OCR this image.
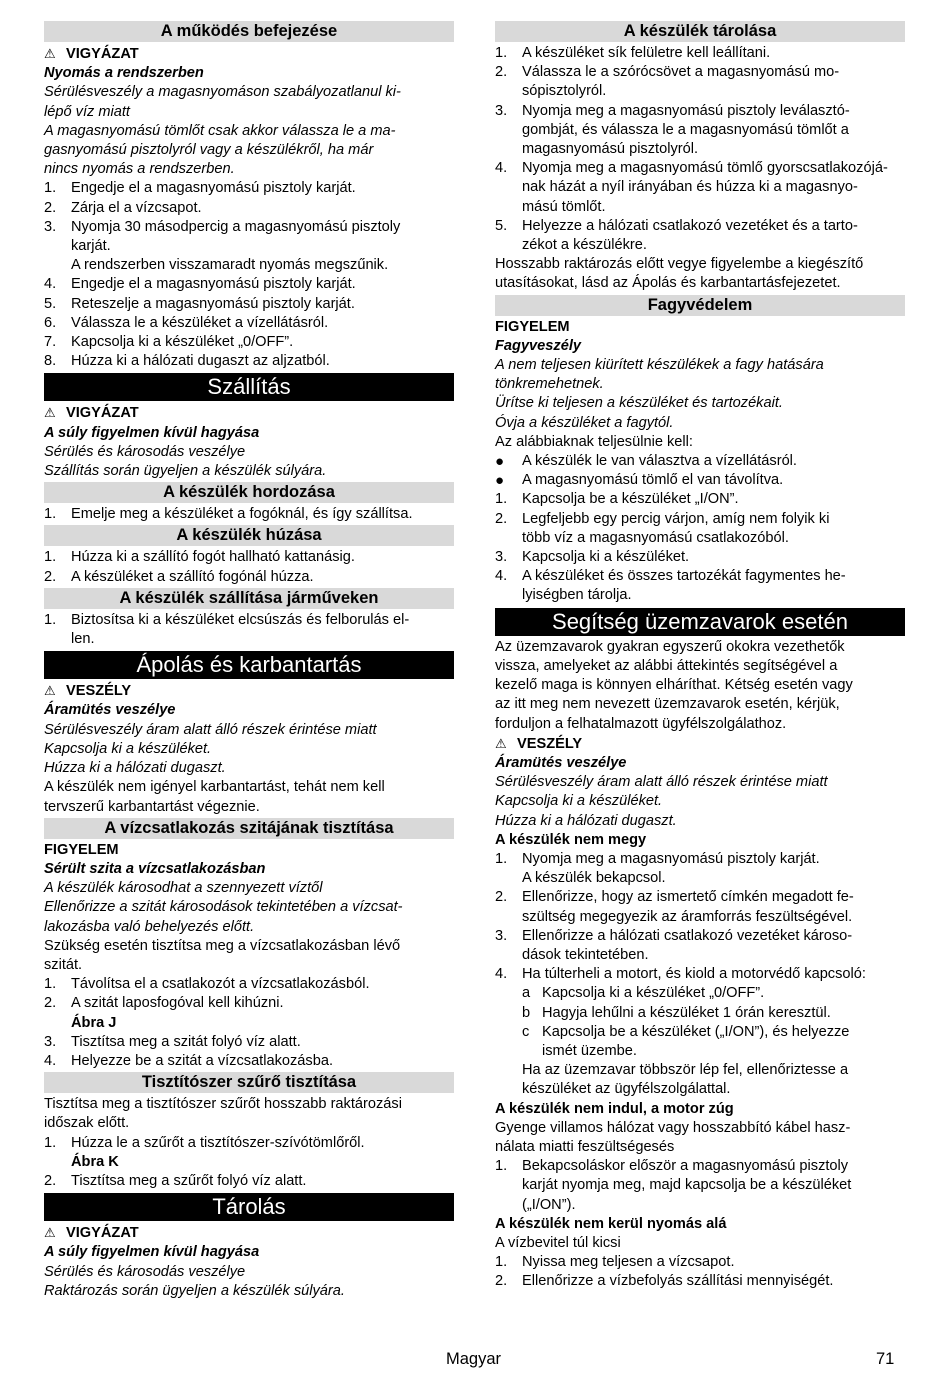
A működés befejezése
⚠ VIGYÁZAT
Nyomás a rendszerben
Sérülésveszély a magasnyomáson szabályozatlanul ki-
lépő víz miatt
A magasnyomású tömlőt csak akkor válassza le a ma-
gasnyomású pisztolyról vagy a készülékről, ha már
nincs nyomás a rendszerben.
1.	Engedje el a magasnyomású pisztoly karját.
2.	Zárja el a vízcsapot.
3.	Nyomja 30 másodpercig a magasnyomású pisztoly
karját.
A rendszerben visszamaradt nyomás megszűnik.
4.	Engedje el a magasnyomású pisztoly karját.
5.	Reteszelje a magasnyomású pisztoly karját.
6.	Válassza le a készüléket a vízellátásról.
7.	Kapcsolja ki a készüléket „0/OFF”.
8.	Húzza ki a hálózati dugaszt az aljzatból.
Szállítás
⚠ VIGYÁZAT
A súly figyelmen kívül hagyása
Sérülés és károsodás veszélye
Szállítás során ügyeljen a készülék súlyára.
A készülék hordozása
1.	Emelje meg a készüléket a fogóknál, és így szállítsa.
A készülék húzása
1.	Húzza ki a szállító fogót hallható kattanásig.
2.	A készüléket a szállító fogónál húzza.
A készülék szállítása járműveken
1.	Biztosítsa ki a készüléket elcsúszás és felborulás el-
len.
Ápolás és karbantartás
⚠ VESZÉLY
Áramütés veszélye
Sérülésveszély áram alatt álló részek érintése miatt
Kapcsolja ki a készüléket.
Húzza ki a hálózati dugaszt.
A készülék nem igényel karbantartást, tehát nem kell
tervszerű karbantartást végeznie.
A vízcsatlakozás szitájának tisztítása
FIGYELEM
Sérült szita a vízcsatlakozásban
A készülék károsodhat a szennyezett víztől
Ellenőrizze a szitát károsodások tekintetében a vízcsat-
lakozásba való behelyezés előtt.
Szükség esetén tisztítsa meg a vízcsatlakozásban lévő
szitát.
1.	Távolítsa el a csatlakozót a vízcsatlakozásból.
2.	A szitát laposfogóval kell kihúzni.
Ábra J
3.	Tisztítsa meg a szitát folyó víz alatt.
4.	Helyezze be a szitát a vízcsatlakozásba.
Tisztítószer szűrő tisztítása
Tisztítsa meg a tisztítószer szűrőt hosszabb raktározási
időszak előtt.
1.	Húzza le a szűrőt a tisztítószer-szívótömlőről.
Ábra K
2.	Tisztítsa meg a szűrőt folyó víz alatt.
Tárolás
⚠ VIGYÁZAT
A súly figyelmen kívül hagyása
Sérülés és károsodás veszélye
Raktározás során ügyeljen a készülék súlyára.
A készülék tárolása
1.	A készüléket sík felületre kell leállítani.
2.	Válassza le a szórócsövet a magasnyomású mo-
sópisztolyról.
3.	Nyomja meg a magasnyomású pisztoly leválasztó-
gombját, és válassza le a magasnyomású tömlőt a
magasnyomású pisztolyról.
4.	Nyomja meg a magasnyomású tömlő gyorscsatlakozójá-
nak házát a nyíl irányában és húzza ki a magasnyo-
mású tömlőt.
5.	Helyezze a hálózati csatlakozó vezetéket és a tarto-
zékot a készülékre.
Hosszabb raktározás előtt vegye figyelembe a kiegészítő
utasításokat, lásd az Ápolás és karbantartásfejezetet.
Fagyvédelem
FIGYELEM
Fagyveszély
A nem teljesen kiürített készülékek a fagy hatására
tönkremehetnek.
Ürítse ki teljesen a készüléket és tartozékait.
Óvja a készüléket a fagytól.
Az alábbiaknak teljesülnie kell:
●	A készülék le van választva a vízellátásról.
●	A magasnyomású tömlő el van távolítva.
1.	Kapcsolja be a készüléket „I/ON”.
2.	Legfeljebb egy percig várjon, amíg nem folyik ki
több víz a magasnyomású csatlakozóból.
3.	Kapcsolja ki a készüléket.
4.	A készüléket és összes tartozékát fagymentes he-
lyiségben tárolja.
Segítség üzemzavarok esetén
Az üzemzavarok gyakran egyszerű okokra vezethetők
vissza, amelyeket az alábbi áttekintés segítségével a
kezelő maga is könnyen elháríthat. Kétség esetén vagy
az itt meg nem nevezett üzemzavarok esetén, kérjük,
forduljon a felhatalmazott ügyfélszolgálathoz.
⚠ VESZÉLY
Áramütés veszélye
Sérülésveszély áram alatt álló részek érintése miatt
Kapcsolja ki a készüléket.
Húzza ki a hálózati dugaszt.
A készülék nem megy
1.	Nyomja meg a magasnyomású pisztoly karját.
A készülék bekapcsol.
2.	Ellenőrizze, hogy az ismertető címkén megadott fe-
szültség megegyezik az áramforrás feszültségével.
3.	Ellenőrizze a hálózati csatlakozó vezetéket károso-
dások tekintetében.
4.	Ha túlterheli a motort, és kiold a motorvédő kapcsoló:
a Kapcsolja ki a készüléket „0/OFF”.
b Hagyja lehűlni a készüléket 1 órán keresztül.
c Kapcsolja be a készüléket („I/ON”), és helyezze
ismét üzembe.
Ha az üzemzavar többször lép fel, ellenőriztesse a
készüléket az ügyfélszolgálattal.
A készülék nem indul, a motor zúg
Gyenge villamos hálózat vagy hosszabbító kábel hasz-
nálata miatti feszültségesés
1.	Bekapcsoláskor először a magasnyomású pisztoly
karját nyomja meg, majd kapcsolja be a készüléket
(„I/ON”).
A készülék nem kerül nyomás alá
A vízbevitel túl kicsi
1.	Nyissa meg teljesen a vízcsapot.
2.	Ellenőrizze a vízbefolyás szállítási mennyiségét.
Magyar	71
